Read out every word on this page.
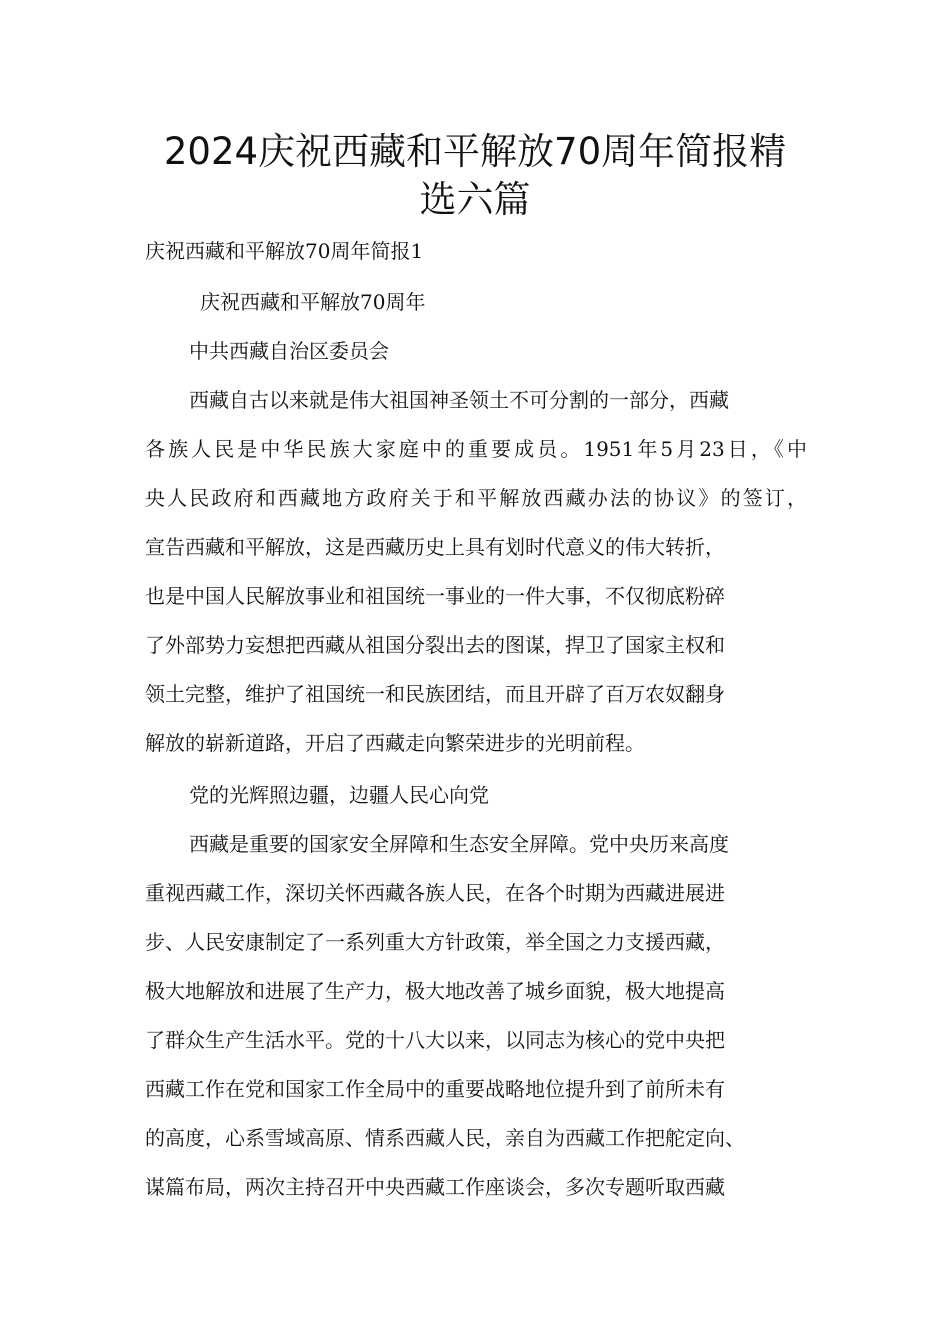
2024庆祝西藏和平解放70周年简报精
选六篇

庆祝西藏和平解放70周年简报1

庆祝西藏和平解放70周年

中共西藏自治区委员会

西藏自古以来就是伟大祖国神圣领土不可分割的一部分，西藏

各族人民是中华民族大家庭中的重要成员。1951年5月23日，《中

央人民政府和西藏地方政府关于和平解放西藏办法的协议》的签订，

宣告西藏和平解放，这是西藏历史上具有划时代意义的伟大转折，

也是中国人民解放事业和祖国统一事业的一件大事，不仅彻底粉碎

了外部势力妄想把西藏从祖国分裂出去的图谋，捍卫了国家主权和

领土完整，维护了祖国统一和民族团结，而且开辟了百万农奴翻身

解放的崭新道路，开启了西藏走向繁荣进步的光明前程。

党的光辉照边疆，边疆人民心向党

西藏是重要的国家安全屏障和生态安全屏障。党中央历来高度

重视西藏工作，深切关怀西藏各族人民，在各个时期为西藏进展进

步、人民安康制定了一系列重大方针政策，举全国之力支援西藏，

极大地解放和进展了生产力，极大地改善了城乡面貌，极大地提高

了群众生产生活水平。党的十八大以来，以同志为核心的党中央把

西藏工作在党和国家工作全局中的重要战略地位提升到了前所未有

的高度，心系雪域高原、情系西藏人民，亲自为西藏工作把舵定向、

谋篇布局，两次主持召开中央西藏工作座谈会，多次专题听取西藏
